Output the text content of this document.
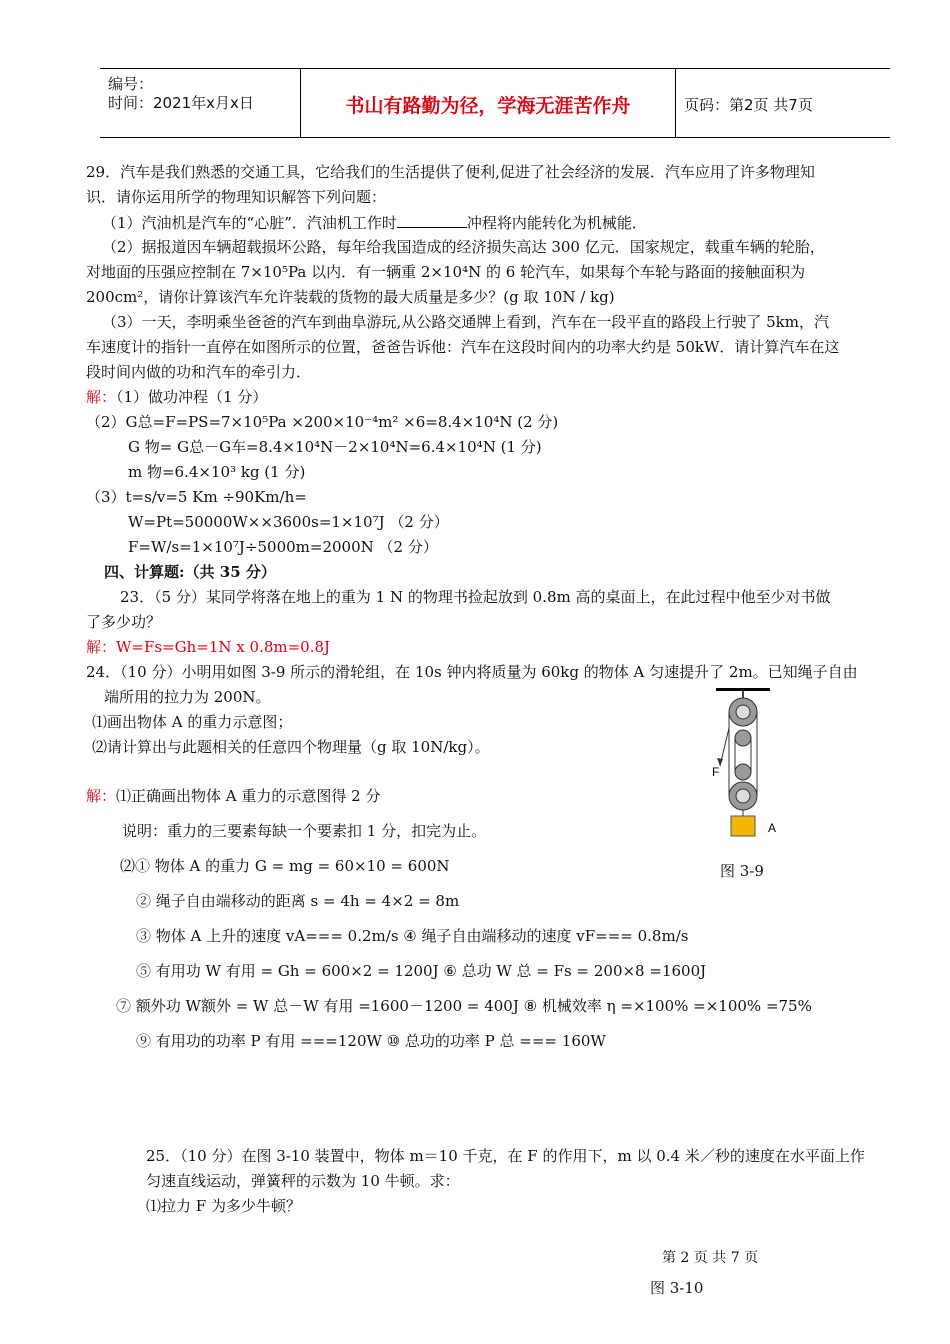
编号：
时间：2021年x月x日	书山有路勤为径，学海无涯苦作舟	页码：第2页 共7页
29．汽车是我们熟悉的交通工具，它给我们的生活提供了便利,促进了社会经济的发展．汽车应用了许多物理知
识．请你运用所学的物理知识解答下列问题：
（1）汽油机是汽车的“心脏”．汽油机工作时	冲程将内能转化为机械能．
（2）据报道因车辆超载损坏公路，每年给我国造成的经济损失高达 300 亿元．国家规定，载重车辆的轮胎，
对地面的压强应控制在 7×10⁵Pa 以内．有一辆重 2×10⁴N 的 6 轮汽车，如果每个车轮与路面的接触面积为
200cm²，请你计算该汽车允许装载的货物的最大质量是多少？(g 取 10N / kg)
（3）一天，李明乘坐爸爸的汽车到曲阜游玩,从公路交通牌上看到，汽车在一段平直的路段上行驶了 5km，汽
车速度计的指针一直停在如图所示的位置，爸爸告诉他：汽车在这段时间内的功率大约是 50kW．请计算汽车在这
段时间内做的功和汽车的牵引力．
解：（1）做功冲程（1 分）
（2）G总=F=PS=7×10⁵Pa ×200×10⁻⁴m² ×6=8.4×10⁴N (2 分)
G 物= G总－G车=8.4×10⁴N－2×10⁴N=6.4×10⁴N (1 分)
m 物=6.4×10³ kg (1 分)
（3）t=s/v=5 Km ÷90Km/h=
W=Pt=50000W××3600s=1×10⁷J （2 分）
F=W/s=1×10⁷J÷5000m=2000N （2 分）
四、计算题:（共 35 分）
23．（5 分）某同学将落在地上的重为 1 N 的物理书捡起放到 0.8m 高的桌面上，在此过程中他至少对书做
了多少功？
解：W=Fs=Gh=1N x 0.8m=0.8J
24．（10 分）小明用如图 3-9 所示的滑轮组，在 10s 钟内将质量为 60kg 的物体 A 匀速提升了 2m。已知绳子自由
端所用的拉力为 200N。
⑴画出物体 A 的重力示意图；
⑵请计算出与此题相关的任意四个物理量（g 取 10N/kg）。
解：⑴正确画出物体 A 重力的示意图得 2 分
说明：重力的三要素每缺一个要素扣 1 分，扣完为止。
⑵① 物体 A 的重力 G = mg = 60×10 = 600N
② 绳子自由端移动的距离 s = 4h = 4×2 = 8m
③ 物体 A 上升的速度 vA=== 0.2m/s ④ 绳子自由端移动的速度 vF=== 0.8m/s
⑤ 有用功 W 有用 = Gh = 600×2 = 1200J ⑥ 总功 W 总 = Fs = 200×8 =1600J
⑦ 额外功 W额外 = W 总－W 有用 =1600－1200 = 400J ⑧ 机械效率 η =×100% =×100% =75%
⑨ 有用功的功率 P 有用 ===120W ⑩ 总功的功率 P 总 === 160W
F
A
图 3-9
25．（10 分）在图 3-10 装置中，物体 m＝10 千克，在 F 的作用下，m 以 0.4 米／秒的速度在水平面上作
匀速直线运动，弹簧秤的示数为 10 牛顿。求：
⑴拉力 F 为多少牛顿？
第 2 页 共 7 页
图 3-10
